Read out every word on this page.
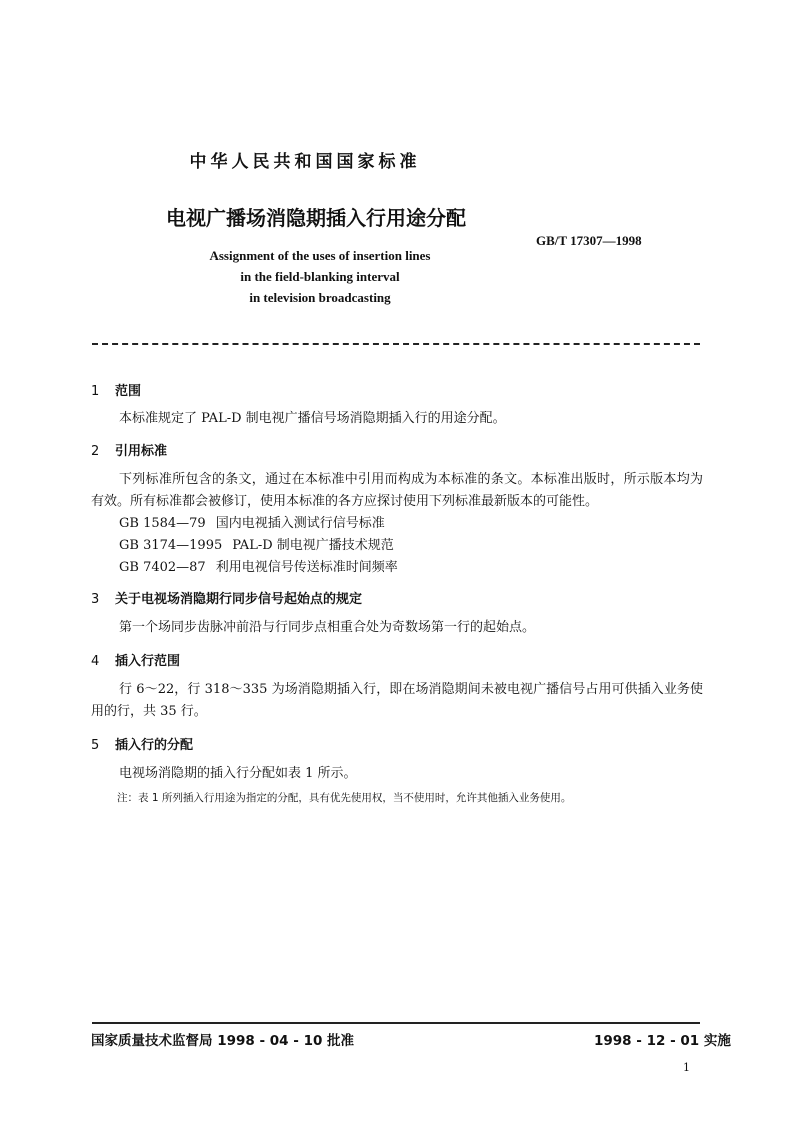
中华人民共和国国家标准
电视广播场消隐期插入行用途分配
GB/T 17307—1998
Assignment of the uses of insertion lines
in the field-blanking interval
in television broadcasting
1 范围
本标准规定了 PAL-D 制电视广播信号场消隐期插入行的用途分配。
2 引用标准
下列标准所包含的条文，通过在本标准中引用而构成为本标准的条文。本标准出版时，所示版本均为有效。所有标准都会被修订，使用本标准的各方应探讨使用下列标准最新版本的可能性。
GB 1584—79 国内电视插入测试行信号标准
GB 3174—1995 PAL-D 制电视广播技术规范
GB 7402—87 利用电视信号传送标准时间频率
3 关于电视场消隐期行同步信号起始点的规定
第一个场同步齿脉冲前沿与行同步点相重合处为奇数场第一行的起始点。
4 插入行范围
行 6～22，行 318～335 为场消隐期插入行，即在场消隐期间未被电视广播信号占用可供插入业务使用的行，共 35 行。
5 插入行的分配
电视场消隐期的插入行分配如表 1 所示。
注：表 1 所列插入行用途为指定的分配，具有优先使用权，当不使用时，允许其他插入业务使用。
国家质量技术监督局 1998 - 04 - 10 批准	1998 - 12 - 01 实施
1
